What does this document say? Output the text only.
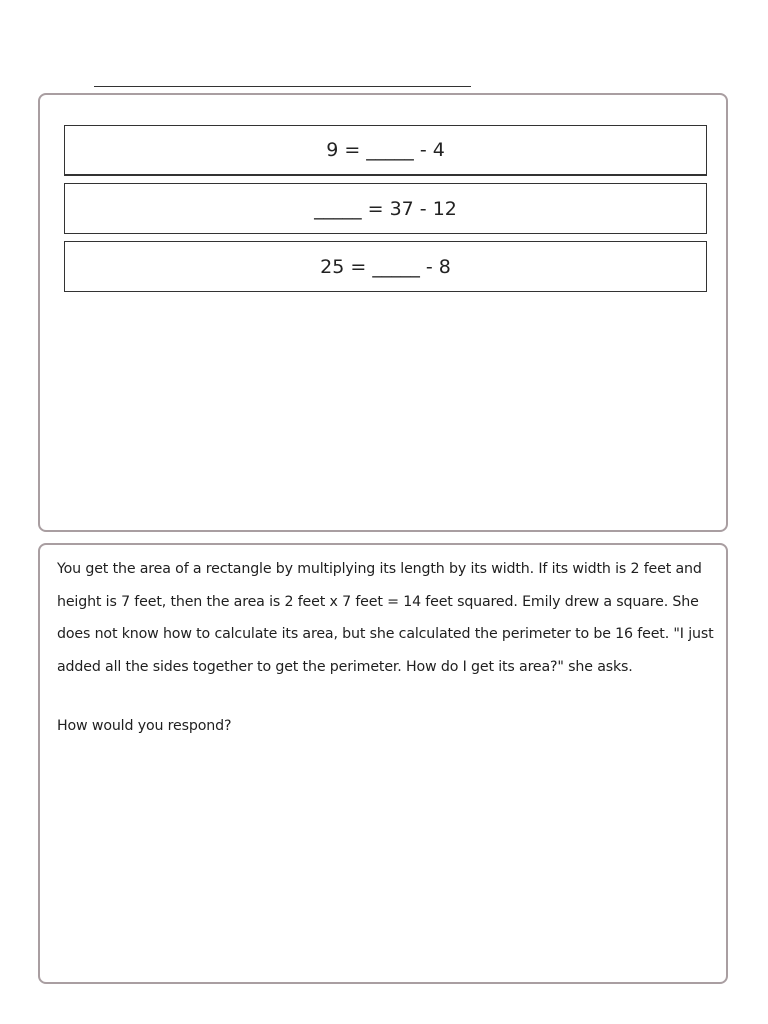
9 = _____ - 4
_____ = 37 - 12
25 = _____ - 8

You get the area of a rectangle by multiplying its length by its width. If its width is 2 feet and height is 7 feet, then the area is 2 feet x 7 feet = 14 feet squared. Emily drew a square. She does not know how to calculate its area, but she calculated the perimeter to be 16 feet. "I just added all the sides together to get the perimeter. How do I get its area?" she asks.

How would you respond?
